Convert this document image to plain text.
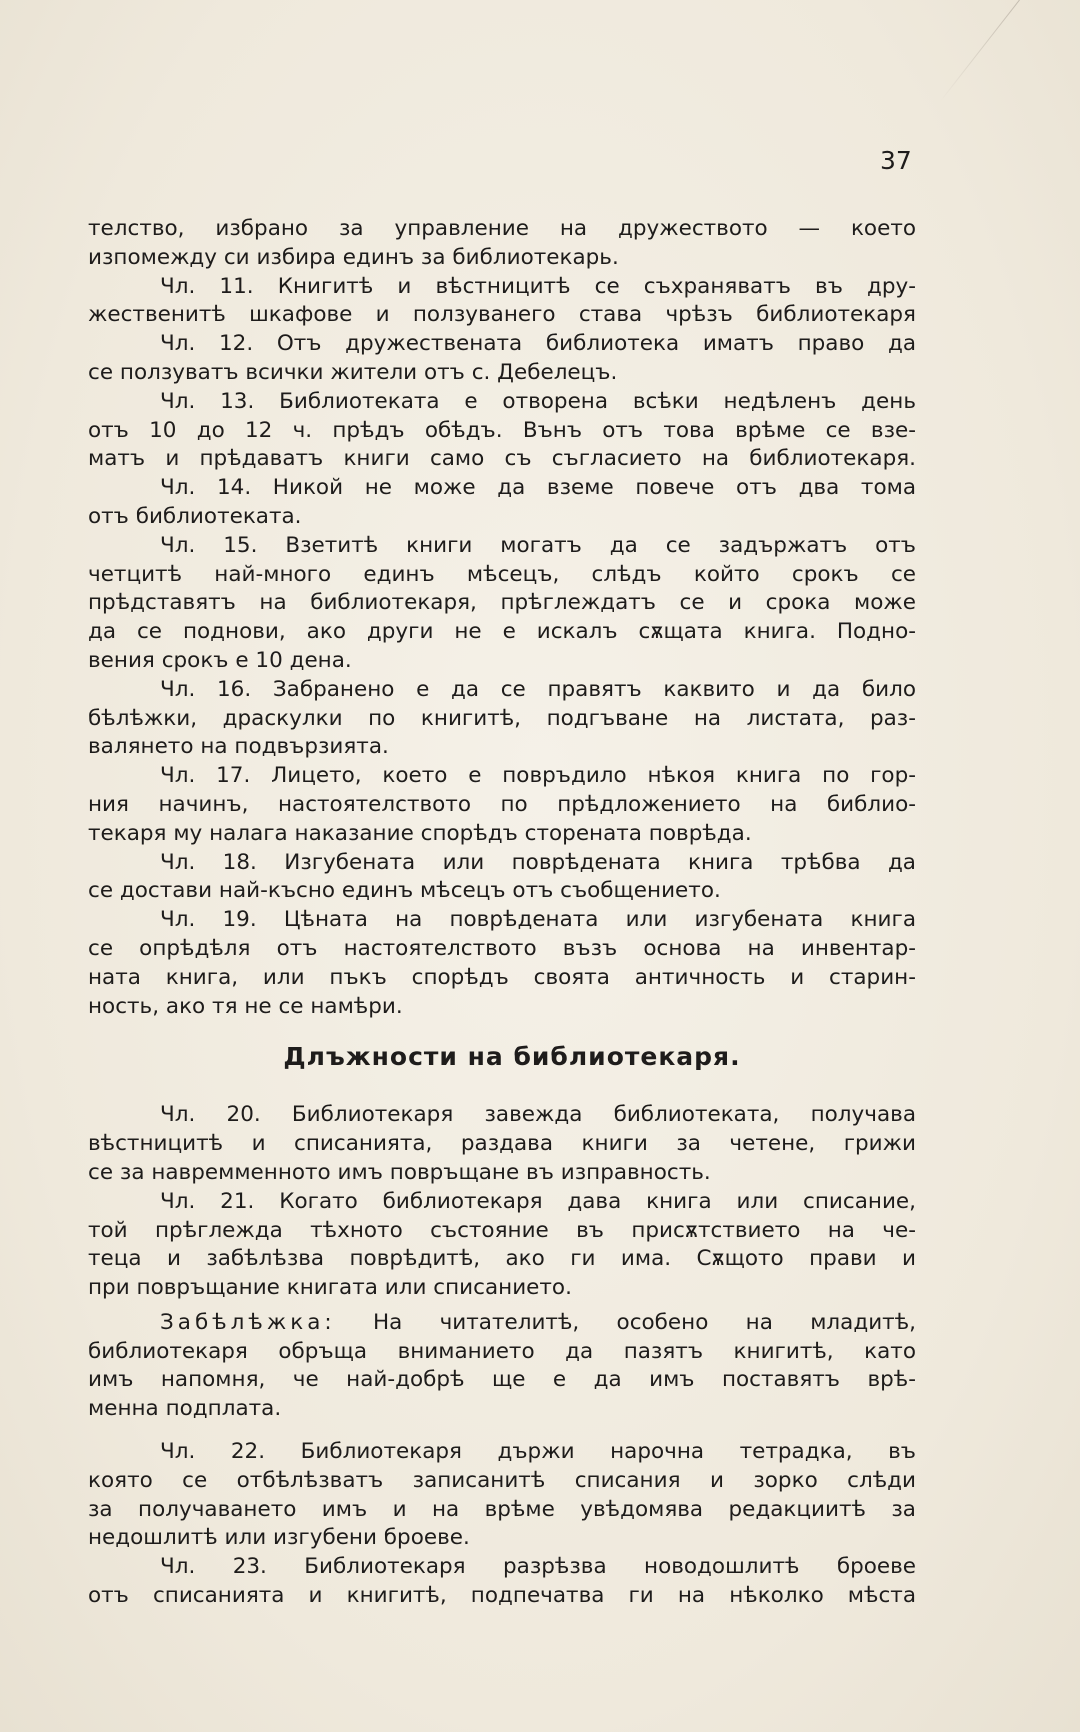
37
телство, избрано за управление на дружеството — което
изпомежду си избира единъ за библиотекарь.
Чл. 11. Книгитѣ и вѣстницитѣ се съхраняватъ въ дру-
жественитѣ шкафове и ползуванего става чрѣзъ библиотекаря
Чл. 12. Отъ дружествената библиотека иматъ право да
се ползуватъ всички жители отъ с. Дебелецъ.
Чл. 13. Библиотеката е отворена всѣки недѣленъ день
отъ 10 до 12 ч. прѣдъ обѣдъ. Вънъ отъ това врѣме се взе-
матъ и прѣдаватъ книги само съ съгласието на библиотекаря.
Чл. 14. Никой не може да вземе повече отъ два тома
отъ библиотеката.
Чл. 15. Взетитѣ книги могатъ да се задържатъ отъ
четцитѣ най-много единъ мѣсецъ, слѣдъ който срокъ се
прѣдставятъ на библиотекаря, прѣглеждатъ се и срока може
да се поднови, ако други не е искалъ сѫщата книга. Подно-
вения срокъ е 10 дена.
Чл. 16. Забранено е да се правятъ каквито и да било
бѣлѣжки, драскулки по книгитѣ, подгъване на листата, раз-
валянето на подвързията.
Чл. 17. Лицето, което е повръдило нѣкоя книга по гор-
ния начинъ, настоятелството по прѣдложението на библио-
текаря му налага наказание спорѣдъ сторената поврѣда.
Чл. 18. Изгубената или поврѣдената книга трѣбва да
се достави най-късно единъ мѣсецъ отъ съобщението.
Чл. 19. Цѣната на поврѣдената или изгубената книга
се опрѣдѣля отъ настоятелството възъ основа на инвентар-
ната книга, или пъкъ спорѣдъ своята античность и старин-
ность, ако тя не се намѣри.
Длъжности на библиотекаря.
Чл. 20. Библиотекаря завежда библиотеката, получава
вѣстницитѣ и списанията, раздава книги за четене, грижи
се за навремменното имъ повръщане въ изправность.
Чл. 21. Когато библиотекаря дава книга или списание,
той прѣглежда тѣхното състояние въ присѫтствието на че-
теца и забѣлѣзва поврѣдитѣ, ако ги има. Сѫщото прави и
при повръщание книгата или списанието.
Забѣлѣжка: На читателитѣ, особено на младитѣ,
библиотекаря обръща вниманието да пазятъ книгитѣ, като
имъ напомня, че най-добрѣ ще е да имъ поставятъ врѣ-
менна подплата.
Чл. 22. Библиотекаря държи нарочна тетрадка, въ
която се отбѣлѣзватъ записанитѣ списания и зорко слѣди
за получаването имъ и на врѣме увѣдомява редакциитѣ за
недошлитѣ или изгубени броеве.
Чл. 23. Библиотекаря разрѣзва новодошлитѣ броеве
отъ списанията и книгитѣ, подпечатва ги на нѣколко мѣста
